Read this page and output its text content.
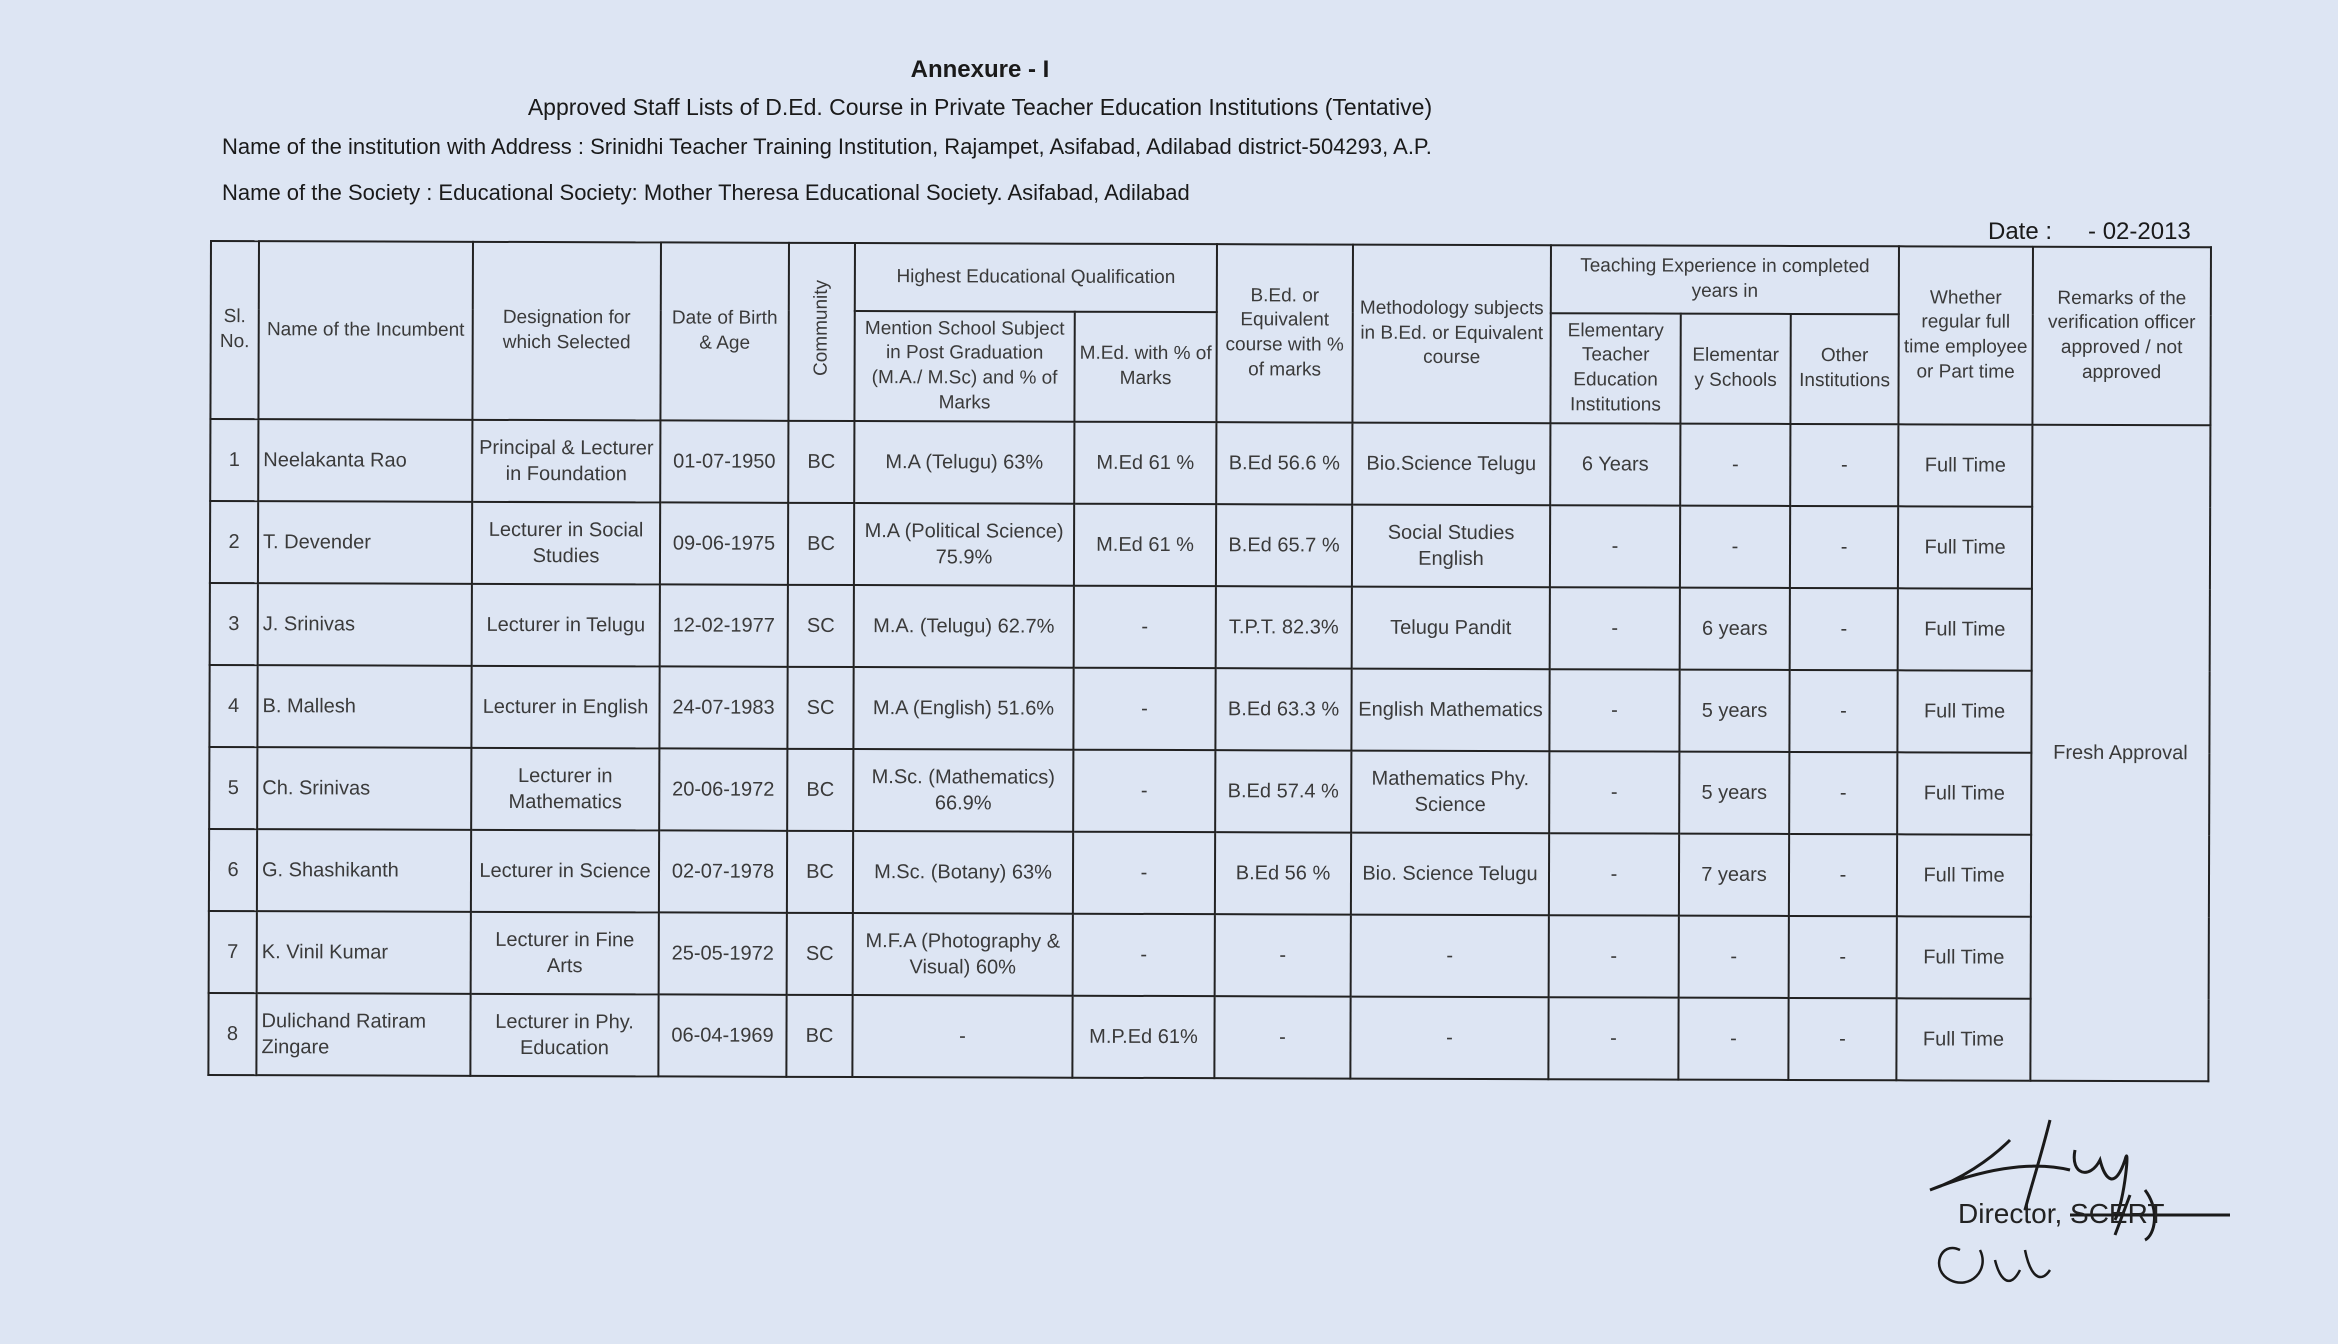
Annexure - I
Approved Staff Lists of D.Ed. Course in Private Teacher Education Institutions (Tentative)
Name of the institution with Address : Srinidhi Teacher Training Institution, Rajampet, Asifabad, Adilabad district-504293, A.P.
Name of the Society : Educational Society: Mother Theresa Educational Society. Asifabad, Adilabad
Date : - 02-2013
Sl. No.	Name of the Incumbent	Designation for which Selected	Date of Birth & Age	Community	Highest Educational Qualification		B.Ed. or Equivalent course with % of marks	Methodology subjects in B.Ed. or Equivalent course	Teaching Experience in completed years in			Whether regular full time employee or Part time	Remarks of the verification officer approved / not approved
					Mention School Subject in Post Graduation (M.A./ M.Sc) and % of Marks	M.Ed. with % of Marks			Elementary Teacher Education Institutions	Elementar y Schools	Other Institutions		
1	Neelakanta Rao	Principal & Lecturer in Foundation	01-07-1950	BC	M.A (Telugu) 63%	M.Ed 61 %	B.Ed 56.6 %	Bio.Science Telugu	6 Years	-	-	Full Time	Fresh Approval
2	T. Devender	Lecturer in Social Studies	09-06-1975	BC	M.A (Political Science) 75.9%	M.Ed 61 %	B.Ed 65.7 %	Social Studies English	-	-	-	Full Time	
3	J. Srinivas	Lecturer in Telugu	12-02-1977	SC	M.A. (Telugu) 62.7%	-	T.P.T. 82.3%	Telugu Pandit	-	6 years	-	Full Time	
4	B. Mallesh	Lecturer in English	24-07-1983	SC	M.A (English) 51.6%	-	B.Ed 63.3 %	English Mathematics	-	5 years	-	Full Time	
5	Ch. Srinivas	Lecturer in Mathematics	20-06-1972	BC	M.Sc. (Mathematics) 66.9%	-	B.Ed 57.4 %	Mathematics Phy. Science	-	5 years	-	Full Time	
6	G. Shashikanth	Lecturer in Science	02-07-1978	BC	M.Sc. (Botany) 63%	-	B.Ed 56 %	Bio. Science Telugu	-	7 years	-	Full Time	
7	K. Vinil Kumar	Lecturer in Fine Arts	25-05-1972	SC	M.F.A (Photography & Visual) 60%	-	-	-	-	-	-	Full Time	
8	Dulichand Ratiram Zingare	Lecturer in Phy. Education	06-04-1969	BC	-	M.P.Ed 61%	-	-	-	-	-	Full Time	
Director, SCERT
